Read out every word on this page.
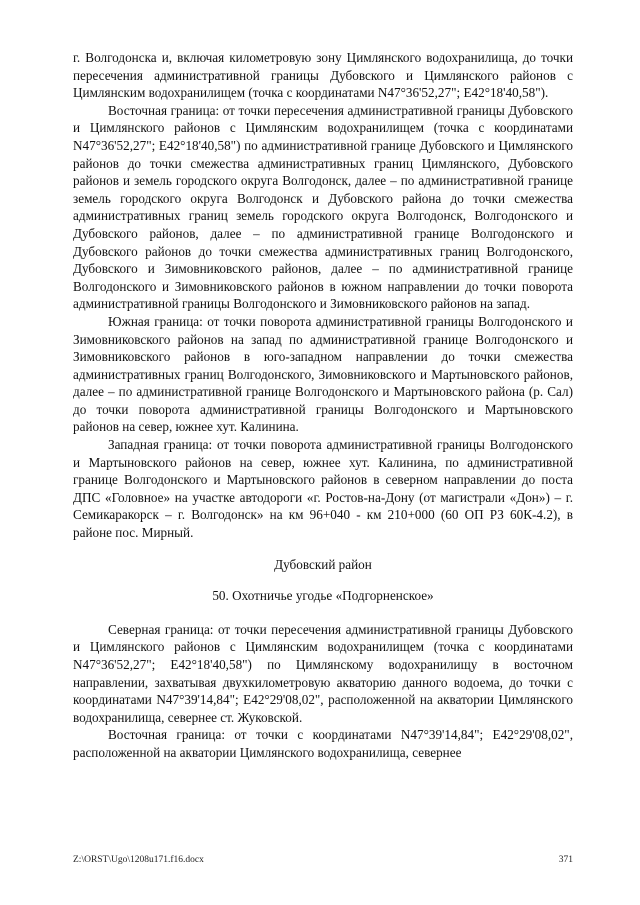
г. Волгодонска и, включая километровую зону Цимлянского водохранилища, до точки пересечения административной границы Дубовского и Цимлянского районов с Цимлянским водохранилищем (точка с координатами N47°36'52,27"; E42°18'40,58").

Восточная граница: от точки пересечения административной границы Дубовского и Цимлянского районов с Цимлянским водохранилищем (точка с координатами N47°36'52,27"; E42°18'40,58") по административной границе Дубовского и Цимлянского районов до точки смежества административных границ Цимлянского, Дубовского районов и земель городского округа Волгодонск, далее – по административной границе земель городского округа Волгодонск и Дубовского района до точки смежества административных границ земель городского округа Волгодонск, Волгодонского и Дубовского районов, далее – по административной границе Волгодонского и Дубовского районов до точки смежества административных границ Волгодонского, Дубовского и Зимовниковского районов, далее – по административной границе Волгодонского и Зимовниковского районов в южном направлении до точки поворота административной границы Волгодонского и Зимовниковского районов на запад.

Южная граница: от точки поворота административной границы Волгодонского и Зимовниковского районов на запад по административной границе Волгодонского и Зимовниковского районов в юго-западном направлении до точки смежества административных границ Волгодонского, Зимовниковского и Мартыновского районов, далее – по административной границе Волгодонского и Мартыновского района (р. Сал) до точки поворота административной границы Волгодонского и Мартыновского районов на север, южнее хут. Калинина.

Западная граница: от точки поворота административной границы Волгодонского и Мартыновского районов на север, южнее хут. Калинина, по административной границе Волгодонского и Мартыновского районов в северном направлении до поста ДПС «Головное» на участке автодороги «г. Ростов-на-Дону (от магистрали «Дон») – г. Семикаракорск – г. Волгодонск» на км 96+040 - км 210+000 (60 ОП РЗ 60К-4.2), в районе пос. Мирный.

Дубовский район

50. Охотничье угодье «Подгорненское»

Северная граница: от точки пересечения административной границы Дубовского и Цимлянского районов с Цимлянским водохранилищем (точка с координатами N47°36'52,27"; E42°18'40,58") по Цимлянскому водохранилищу в восточном направлении, захватывая двухкилометровую акваторию данного водоема, до точки с координатами N47°39'14,84"; E42°29'08,02", расположенной на акватории Цимлянского водохранилища, севернее ст. Жуковской.

Восточная граница: от точки с координатами N47°39'14,84"; E42°29'08,02", расположенной на акватории Цимлянского водохранилища, севернее

Z:\ORST\Ugo\1208u171.f16.docx	371
